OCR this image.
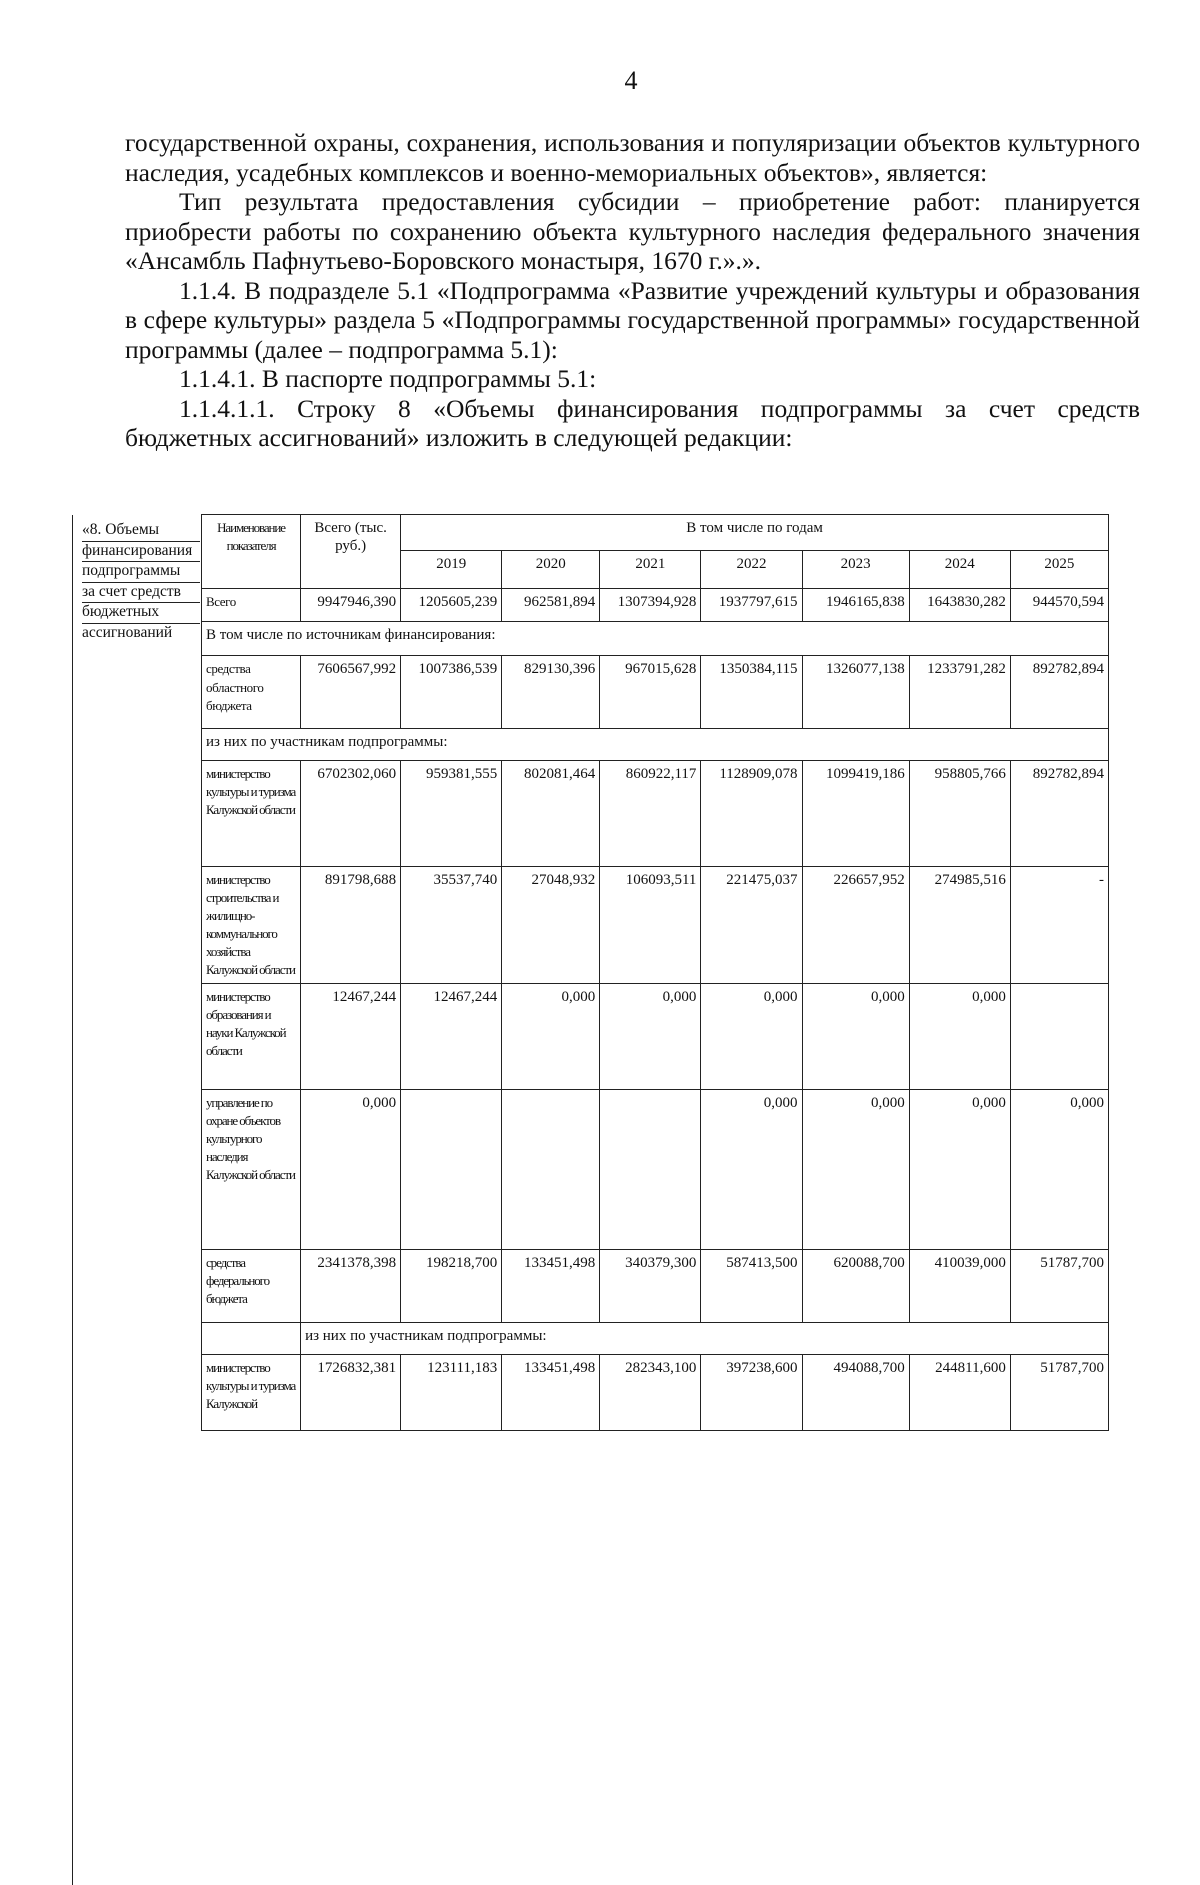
4

государственной охраны, сохранения, использования и популяризации объектов культурного наследия, усадебных комплексов и военно-мемориальных объектов», является:

Тип результата предоставления субсидии – приобретение работ: планируется приобрести работы по сохранению объекта культурного наследия федерального значения «Ансамбль Пафнутьево-Боровского монастыря, 1670 г.».».

1.1.4. В подразделе 5.1 «Подпрограмма «Развитие учреждений культуры и образования в сфере культуры» раздела 5 «Подпрограммы государственной программы» государственной программы (далее – подпрограмма 5.1):

1.1.4.1. В паспорте подпрограммы 5.1:

1.1.4.1.1. Строку 8 «Объемы финансирования подпрограммы за счет средств бюджетных ассигнований» изложить в следующей редакции:

«8. Объемы
финансирования
подпрограммы
за счет средств
бюджетных
ассигнований
Наименование показателя	Всего (тыс. руб.)	В том числе по годам						
		2019	2020	2021	2022	2023	2024	2025
Всего	9947946,390	1205605,239	962581,894	1307394,928	1937797,615	1946165,838	1643830,282	944570,594
В том числе по источникам финансирования:								
средства областного бюджета	7606567,992	1007386,539	829130,396	967015,628	1350384,115	1326077,138	1233791,282	892782,894
из них по участникам подпрограммы:								
министерство культуры и туризма Калужской области	6702302,060	959381,555	802081,464	860922,117	1128909,078	1099419,186	958805,766	892782,894
министерство строительства и жилищно-коммунального хозяйства Калужской области	891798,688	35537,740	27048,932	106093,511	221475,037	226657,952	274985,516	-
министерство образования и науки Калужской области	12467,244	12467,244	0,000	0,000	0,000	0,000	0,000	
управление по охране объектов культурного наследия Калужской области	0,000				0,000	0,000	0,000	0,000
средства федерального бюджета	2341378,398	198218,700	133451,498	340379,300	587413,500	620088,700	410039,000	51787,700
	из них по участникам подпрограммы:							
министерство культуры и туризма Калужской	1726832,381	123111,183	133451,498	282343,100	397238,600	494088,700	244811,600	51787,700
